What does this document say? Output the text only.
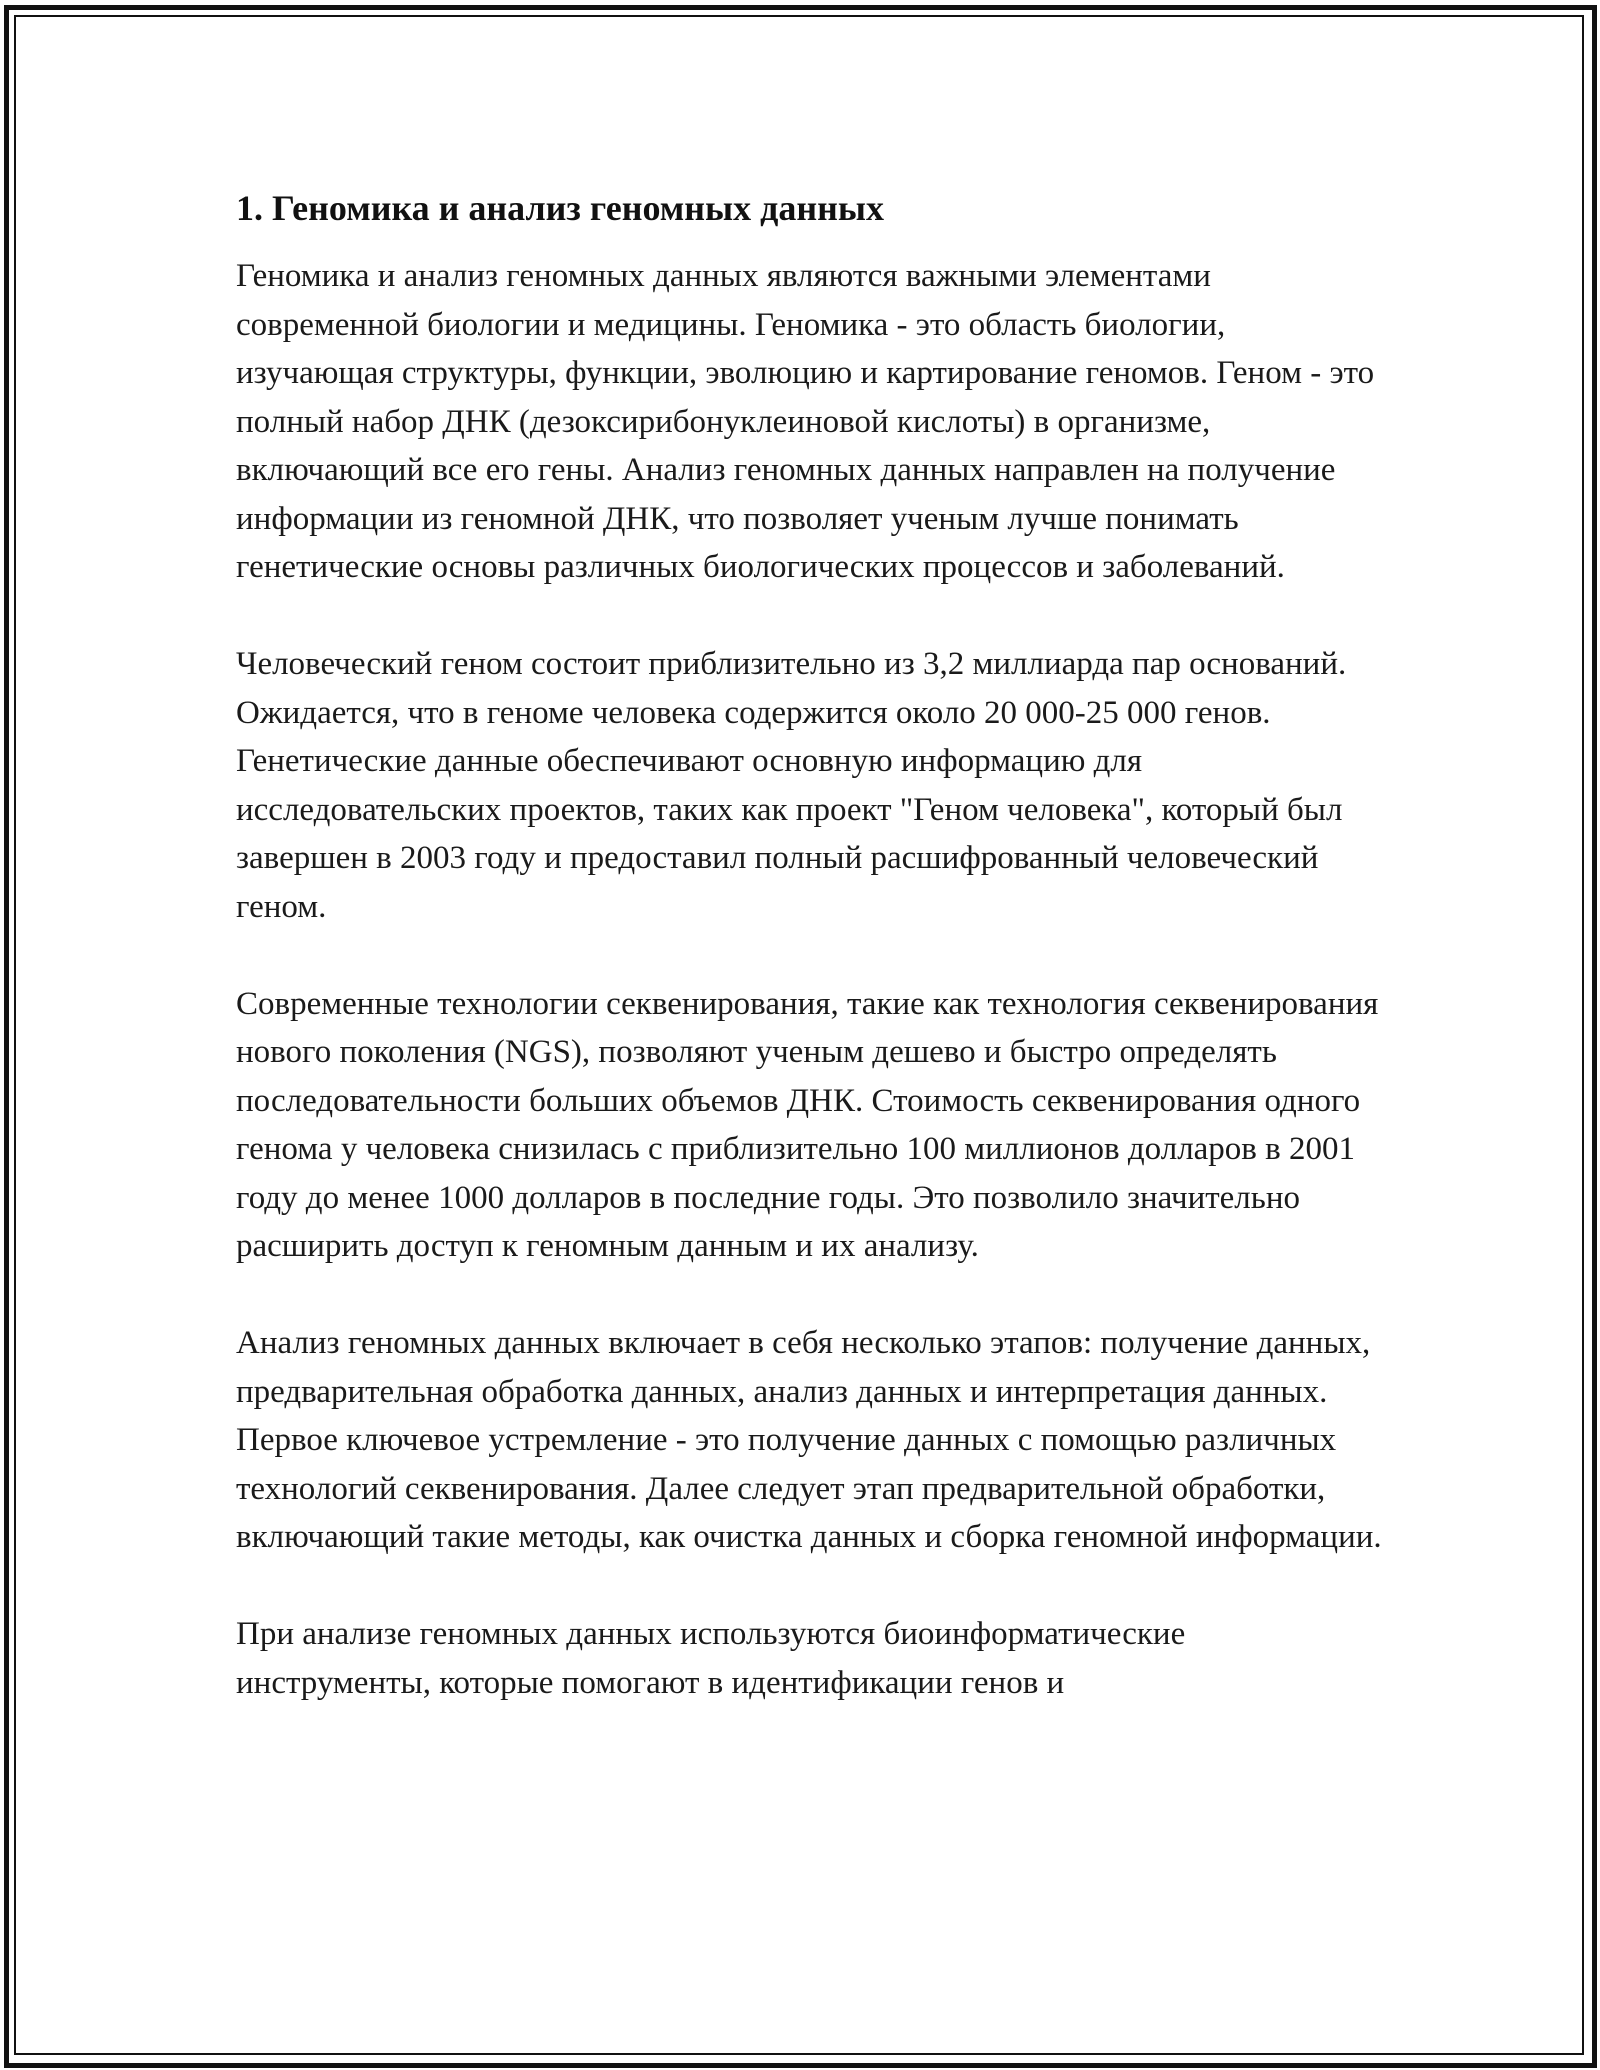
1. Геномика и анализ геномных данных

Геномика и анализ геномных данных являются важными элементами современной биологии и медицины. Геномика - это область биологии, изучающая структуры, функции, эволюцию и картирование геномов. Геном - это полный набор ДНК (дезоксирибонуклеиновой кислоты) в организме, включающий все его гены. Анализ геномных данных направлен на получение информации из геномной ДНК, что позволяет ученым лучше понимать генетические основы различных биологических процессов и заболеваний.

Человеческий геном состоит приблизительно из 3,2 миллиарда пар оснований. Ожидается, что в геноме человека содержится около 20 000-25 000 генов. Генетические данные обеспечивают основную информацию для исследовательских проектов, таких как проект "Геном человека", который был завершен в 2003 году и предоставил полный расшифрованный человеческий геном.

Современные технологии секвенирования, такие как технология секвенирования нового поколения (NGS), позволяют ученым дешево и быстро определять последовательности больших объемов ДНК. Стоимость секвенирования одного генома у человека снизилась с приблизительно 100 миллионов долларов в 2001 году до менее 1000 долларов в последние годы. Это позволило значительно расширить доступ к геномным данным и их анализу.

Анализ геномных данных включает в себя несколько этапов: получение данных, предварительная обработка данных, анализ данных и интерпретация данных. Первое ключевое устремление - это получение данных с помощью различных технологий секвенирования. Далее следует этап предварительной обработки, включающий такие методы, как очистка данных и сборка геномной информации.

При анализе геномных данных используются биоинформатические инструменты, которые помогают в идентификации генов и
